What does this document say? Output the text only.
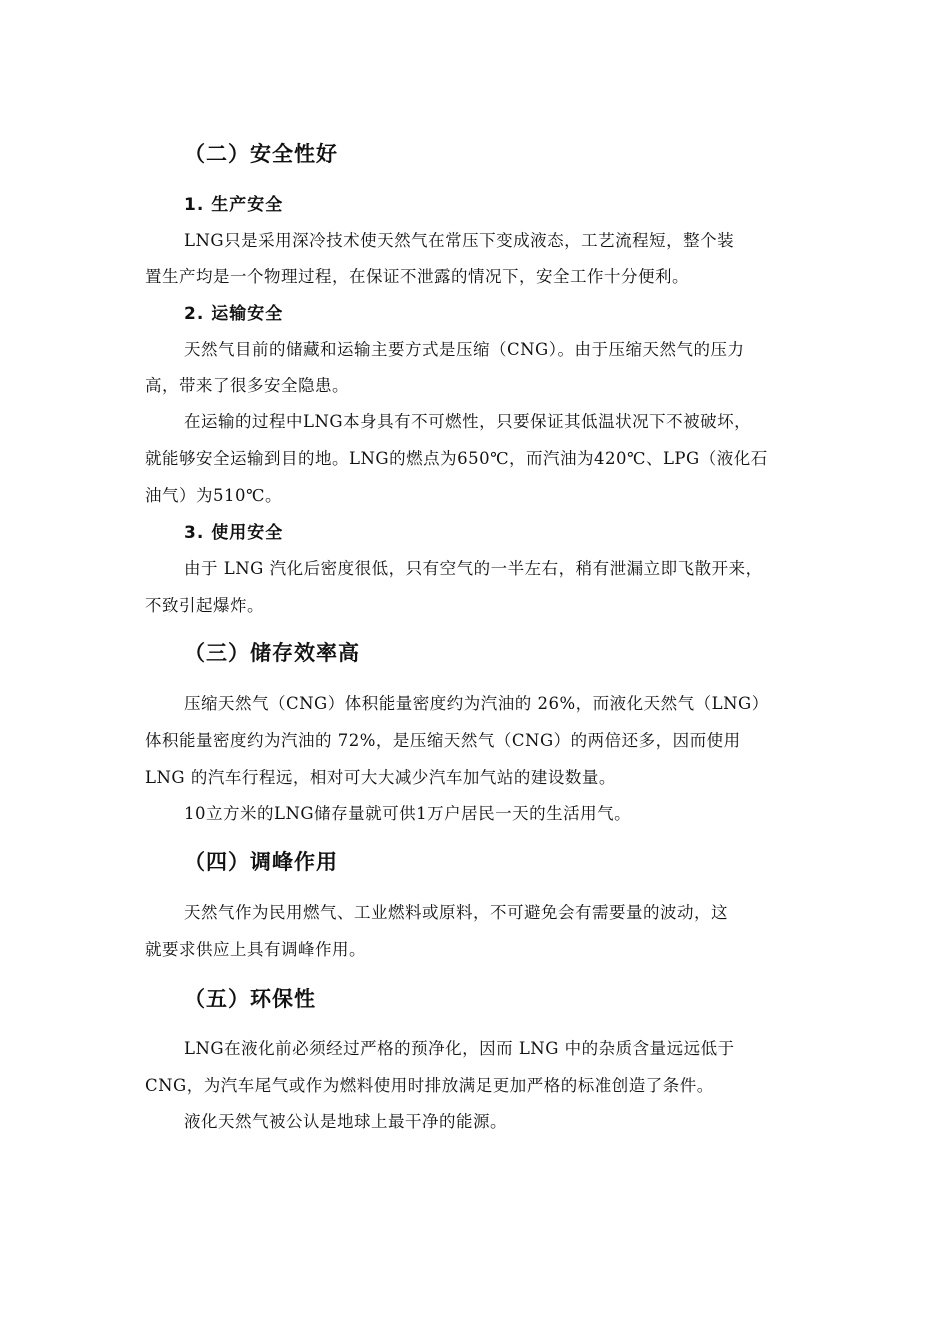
（二）安全性好
1. 生产安全

LNG只是采用深冷技术使天然气在常压下变成液态，工艺流程短，整个装

置生产均是一个物理过程，在保证不泄露的情况下，安全工作十分便利。

2. 运输安全

天然气目前的储藏和运输主要方式是压缩（CNG）。由于压缩天然气的压力

高，带来了很多安全隐患。

在运输的过程中LNG本身具有不可燃性，只要保证其低温状况下不被破坏，

就能够安全运输到目的地。LNG的燃点为650℃，而汽油为420℃、LPG（液化石

油气）为510℃。

3. 使用安全

由于 LNG 汽化后密度很低，只有空气的一半左右，稍有泄漏立即飞散开来，

不致引起爆炸。

（三）储存效率高

压缩天然气（CNG）体积能量密度约为汽油的 26%，而液化天然气（LNG）

体积能量密度约为汽油的 72%，是压缩天然气（CNG）的两倍还多，因而使用

LNG 的汽车行程远，相对可大大减少汽车加气站的建设数量。

10立方米的LNG储存量就可供1万户居民一天的生活用气。

（四）调峰作用

天然气作为民用燃气、工业燃料或原料，不可避免会有需要量的波动，这

就要求供应上具有调峰作用。

（五）环保性

LNG在液化前必须经过严格的预净化，因而 LNG 中的杂质含量远远低于

CNG，为汽车尾气或作为燃料使用时排放满足更加严格的标准创造了条件。

液化天然气被公认是地球上最干净的能源。
